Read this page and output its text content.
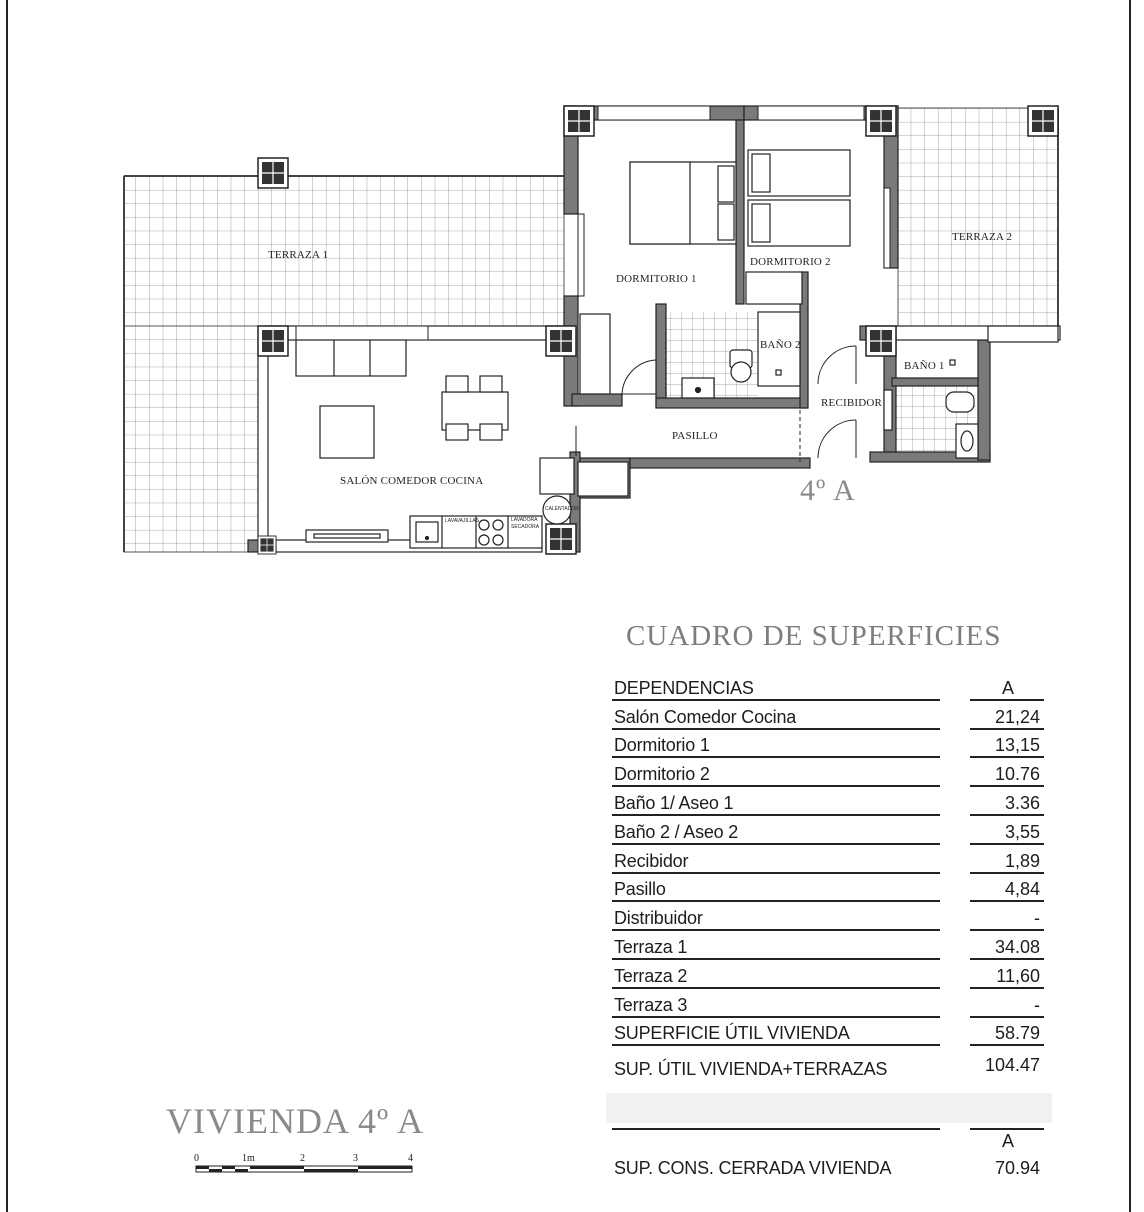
TERRAZA 1
TERRAZA 2
DORMITORIO 1
DORMITORIO 2
BAÑO 2
BAÑO 1
RECIBIDOR
PASILLO
SALÓN COMEDOR COCINA
CALENTADOR
LAVAVAJILLAS	LAVADORA
SECADORA
4º A
CUADRO DE SUPERFICIES
DEPENDENCIAS	A
Salón Comedor Cocina	21,24
Dormitorio 1	13,15
Dormitorio 2	10.76
Baño 1/ Aseo 1	3.36
Baño 2 / Aseo 2	3,55
Recibidor	1,89
Pasillo	4,84
Distribuidor	-
Terraza 1	34.08
Terraza 2	11,60
Terraza 3	-
SUPERFICIE ÚTIL VIVIENDA	58.79
SUP. ÚTIL VIVIENDA+TERRAZAS	104.47
A
SUP. CONS. CERRADA VIVIENDA	70.94
VIVIENDA 4º A
0	1m	2	3	4
